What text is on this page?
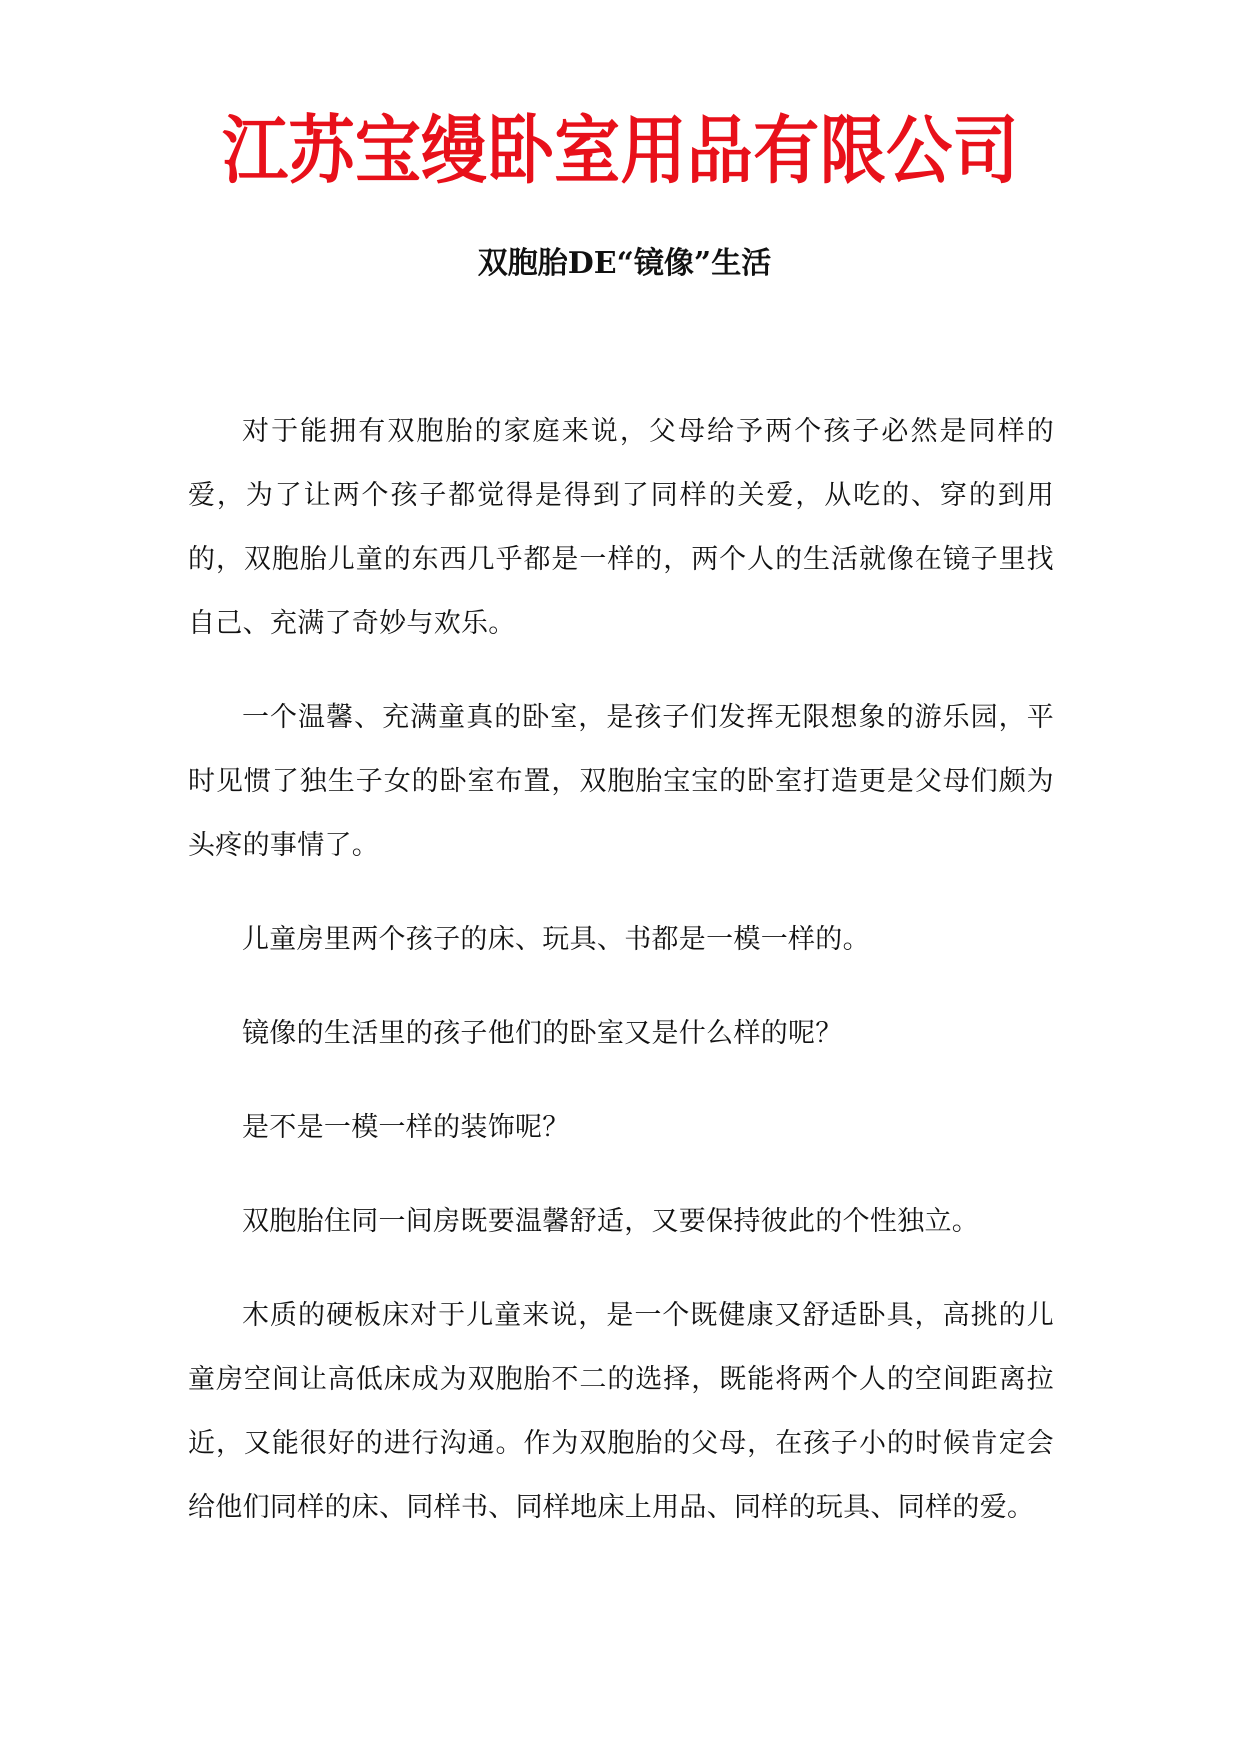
江苏宝缦卧室用品有限公司
双胞胎DE“镜像”生活

对于能拥有双胞胎的家庭来说，父母给予两个孩子必然是同样的爱，为了让两个孩子都觉得是得到了同样的关爱，从吃的、穿的到用的，双胞胎儿童的东西几乎都是一样的，两个人的生活就像在镜子里找自己、充满了奇妙与欢乐。

一个温馨、充满童真的卧室，是孩子们发挥无限想象的游乐园，平时见惯了独生子女的卧室布置，双胞胎宝宝的卧室打造更是父母们颇为头疼的事情了。

儿童房里两个孩子的床、玩具、书都是一模一样的。

镜像的生活里的孩子他们的卧室又是什么样的呢？

是不是一模一样的装饰呢？

双胞胎住同一间房既要温馨舒适，又要保持彼此的个性独立。

木质的硬板床对于儿童来说，是一个既健康又舒适卧具，高挑的儿童房空间让高低床成为双胞胎不二的选择，既能将两个人的空间距离拉近，又能很好的进行沟通。作为双胞胎的父母，在孩子小的时候肯定会给他们同样的床、同样书、同样地床上用品、同样的玩具、同样的爱。
